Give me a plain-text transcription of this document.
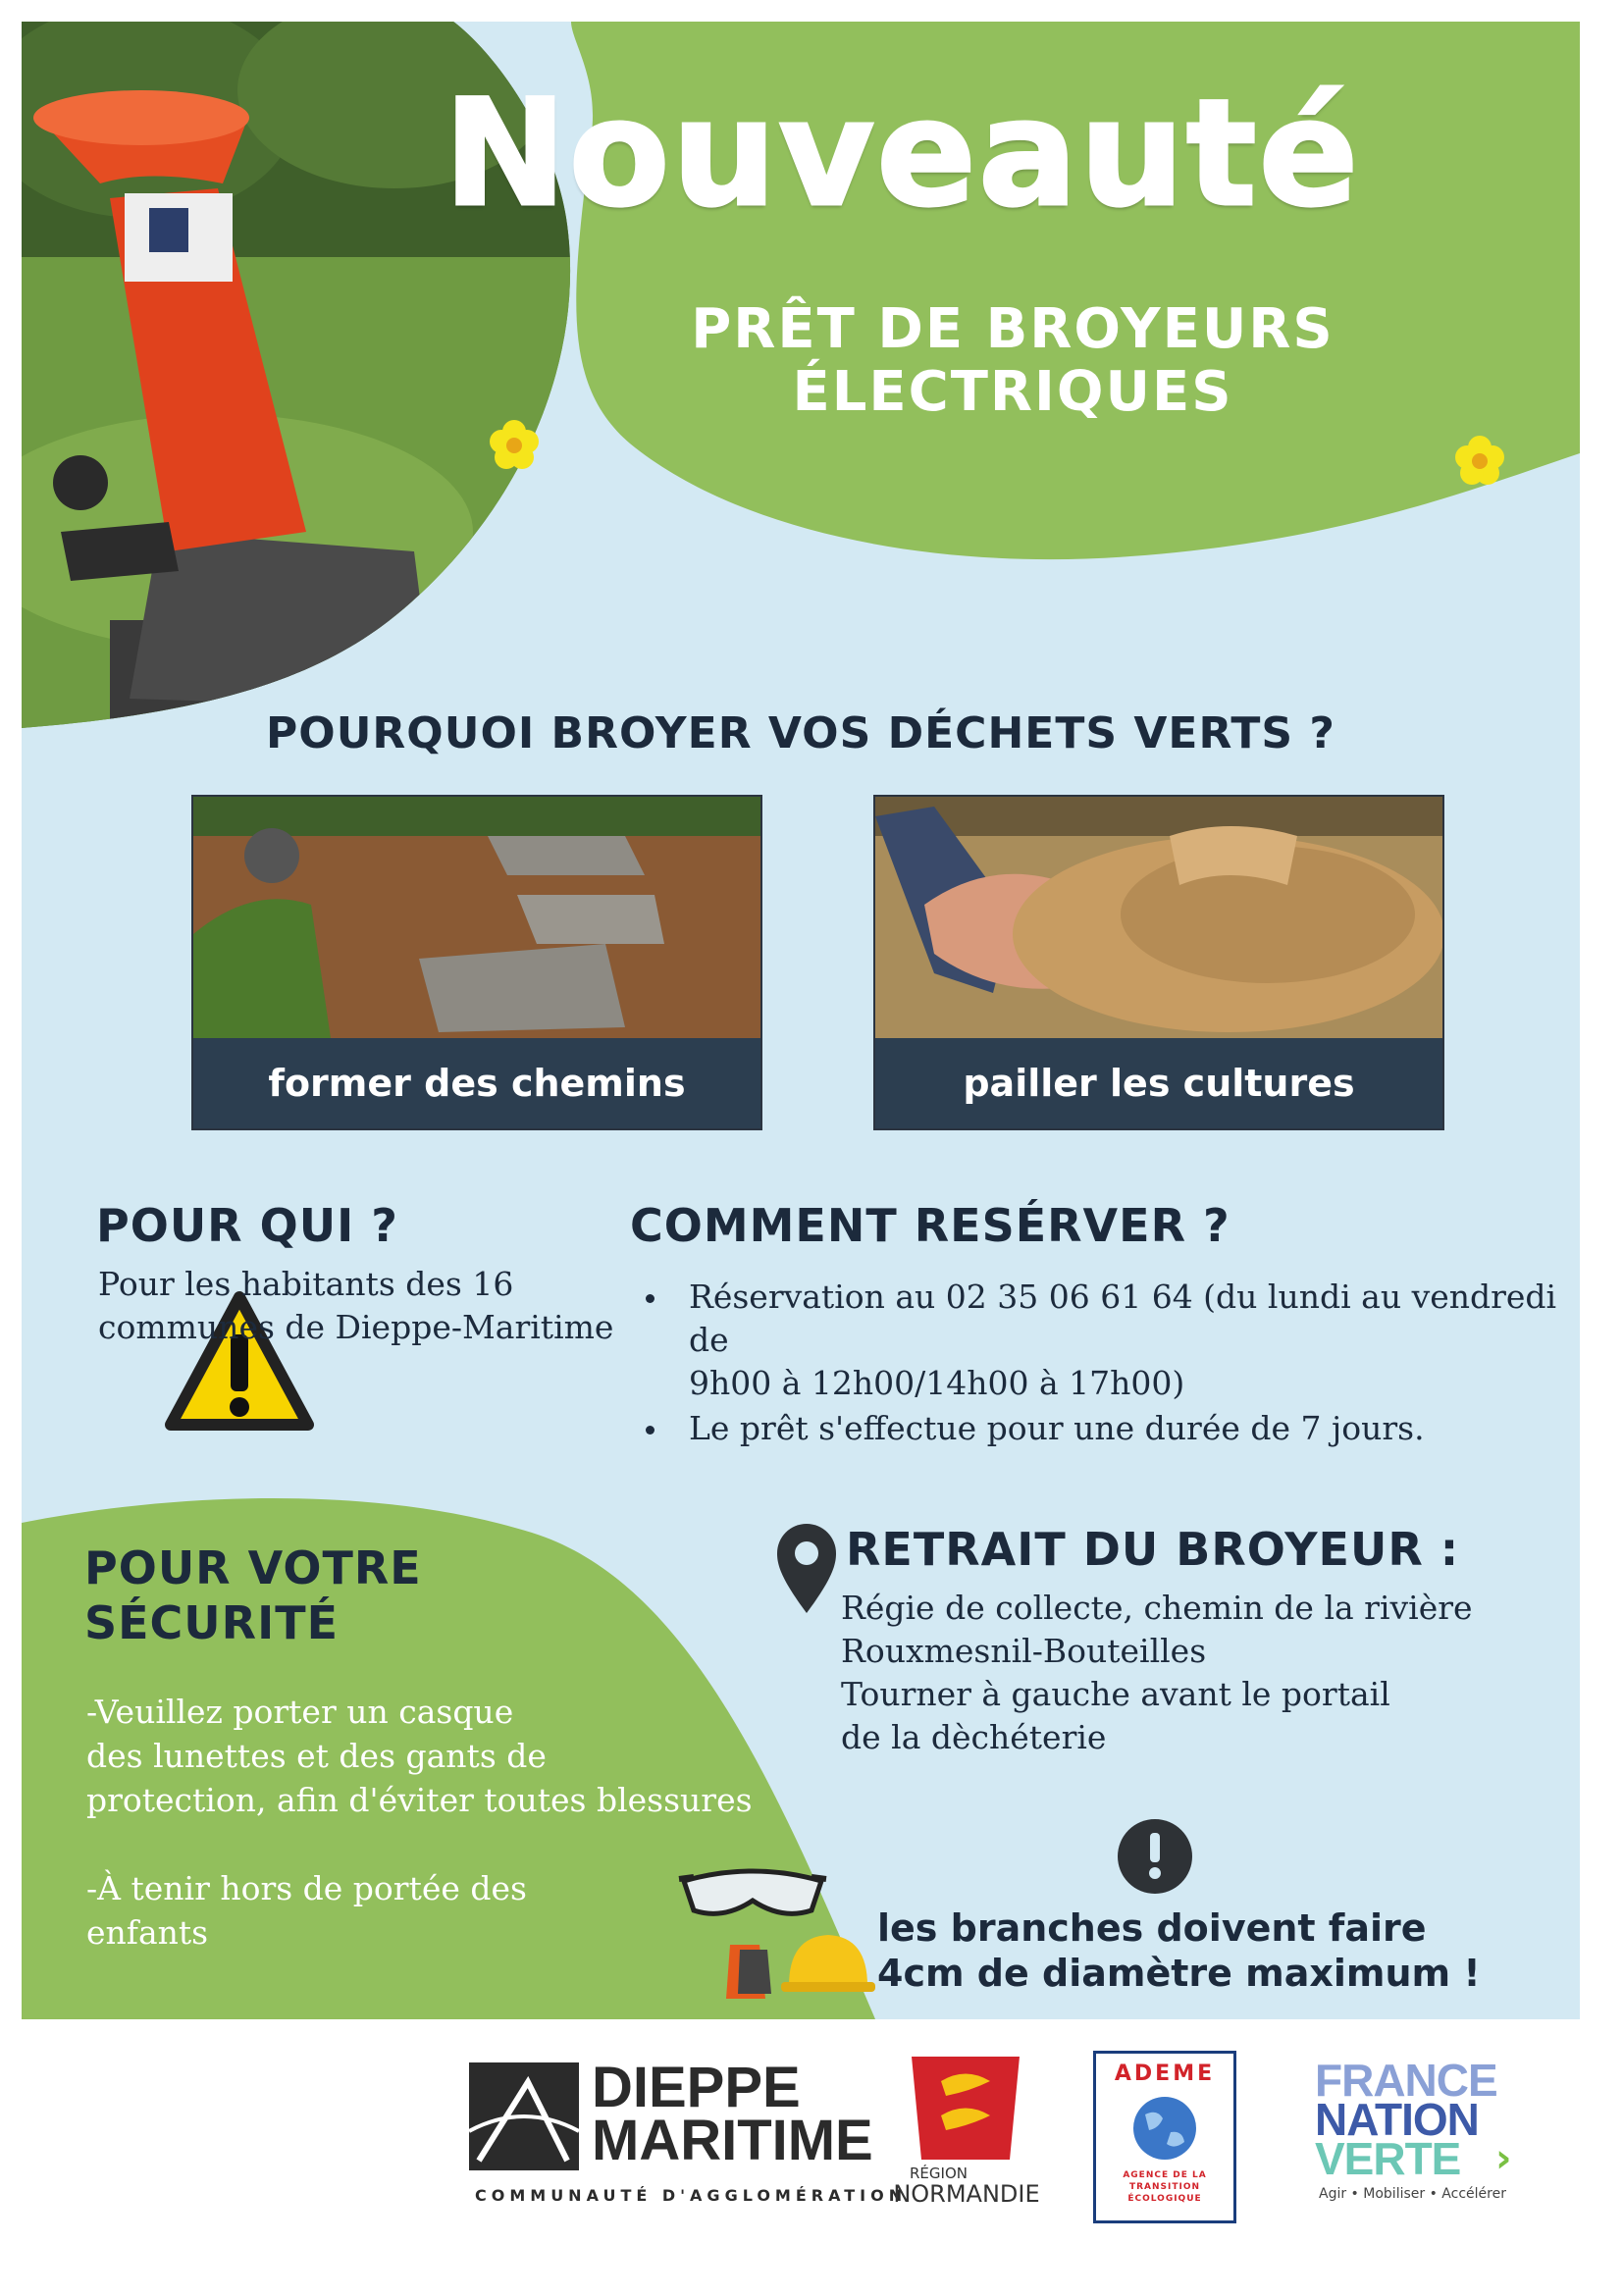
Nouveauté
PRÊT DE BROYEURS
ÉLECTRIQUES
POURQUOI BROYER VOS DÉCHETS VERTS ?
former des chemins	pailler les cultures
POUR QUI ?
Pour les habitants des 16
communes de Dieppe-Maritime
COMMENT RESÉRVER ?
Réservation au 02 35 06 61 64 (du lundi au vendredi de
9h00 à 12h00/14h00 à 17h00)
Le prêt s'effectue pour une durée de 7 jours.
POUR VOTRE
SÉCURITÉ
-Veuillez porter un casque
des lunettes et des gants de
protection, afin d'éviter toutes blessures
-À tenir hors de portée des
enfants
RETRAIT DU BROYEUR :
Régie de collecte, chemin de la rivière
Rouxmesnil-Bouteilles
Tourner à gauche avant le portail
de la dèchéterie
les branches doivent faire
4cm de diamètre maximum !
DIEPPE
MARITIME
COMMUNAUTÉ D'AGGLOMÉRATION
RÉGION
NORMANDIE
ADEME
AGENCE DE LA
TRANSITION
ÉCOLOGIQUE
FRANCE
NATION
VERTE ›
Agir • Mobiliser • Accélérer
